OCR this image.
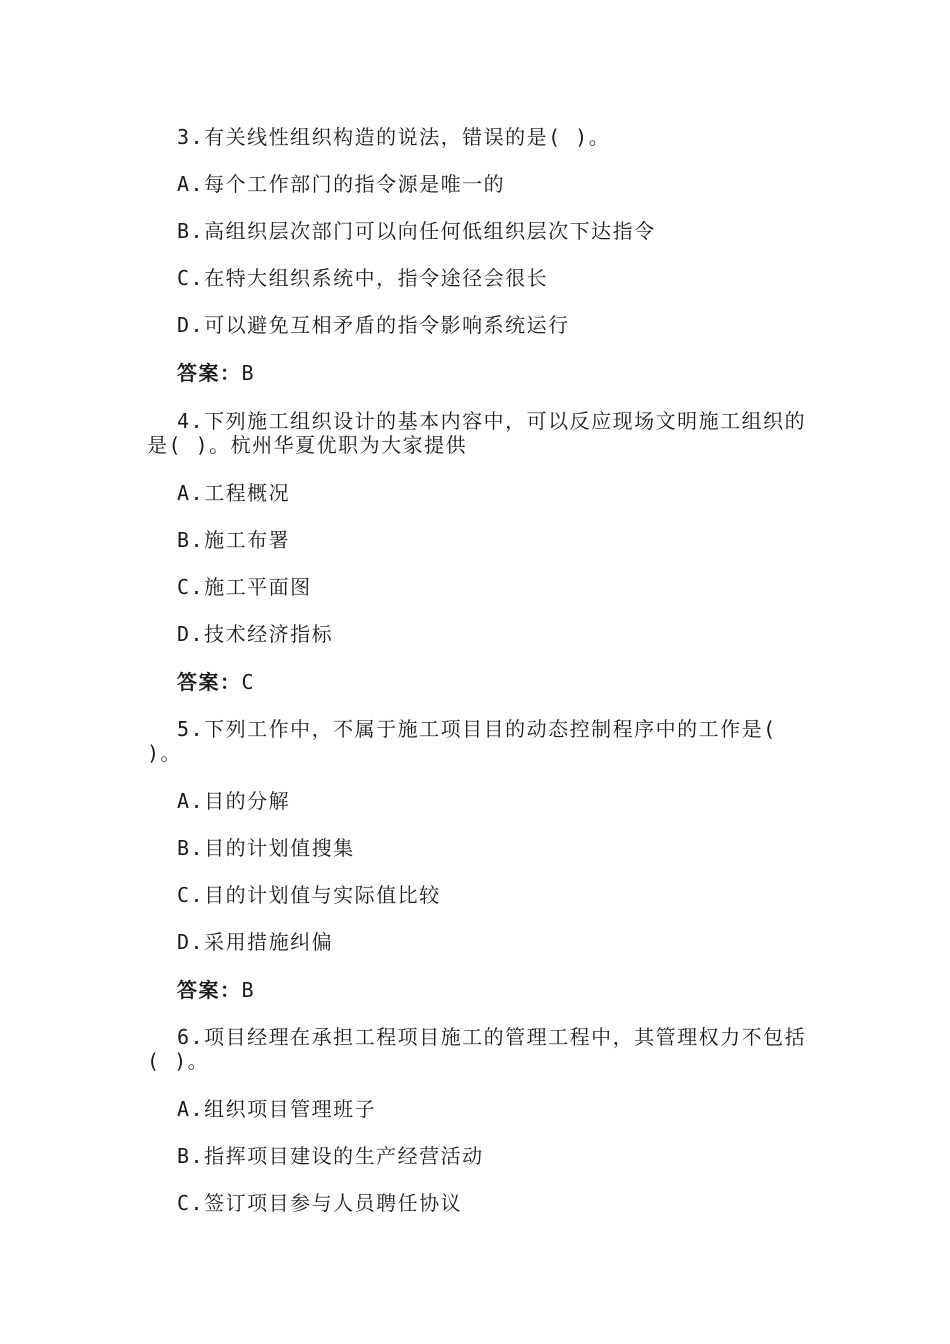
3.有关线性组织构造的说法，错误的是( )。
A.每个工作部门的指令源是唯一的
B.高组织层次部门可以向任何低组织层次下达指令
C.在特大组织系统中，指令途径会很长
D.可以避免互相矛盾的指令影响系统运行
答案：B
4.下列施工组织设计的基本内容中，可以反应现场文明施工组织的是( )。杭州华夏优职为大家提供
A.工程概况
B.施工布署
C.施工平面图
D.技术经济指标
答案：C
5.下列工作中，不属于施工项目目的动态控制程序中的工作是( )。
A.目的分解
B.目的计划值搜集
C.目的计划值与实际值比较
D.采用措施纠偏
答案：B
6.项目经理在承担工程项目施工的管理工程中，其管理权力不包括( )。
A.组织项目管理班子
B.指挥项目建设的生产经营活动
C.签订项目参与人员聘任协议
